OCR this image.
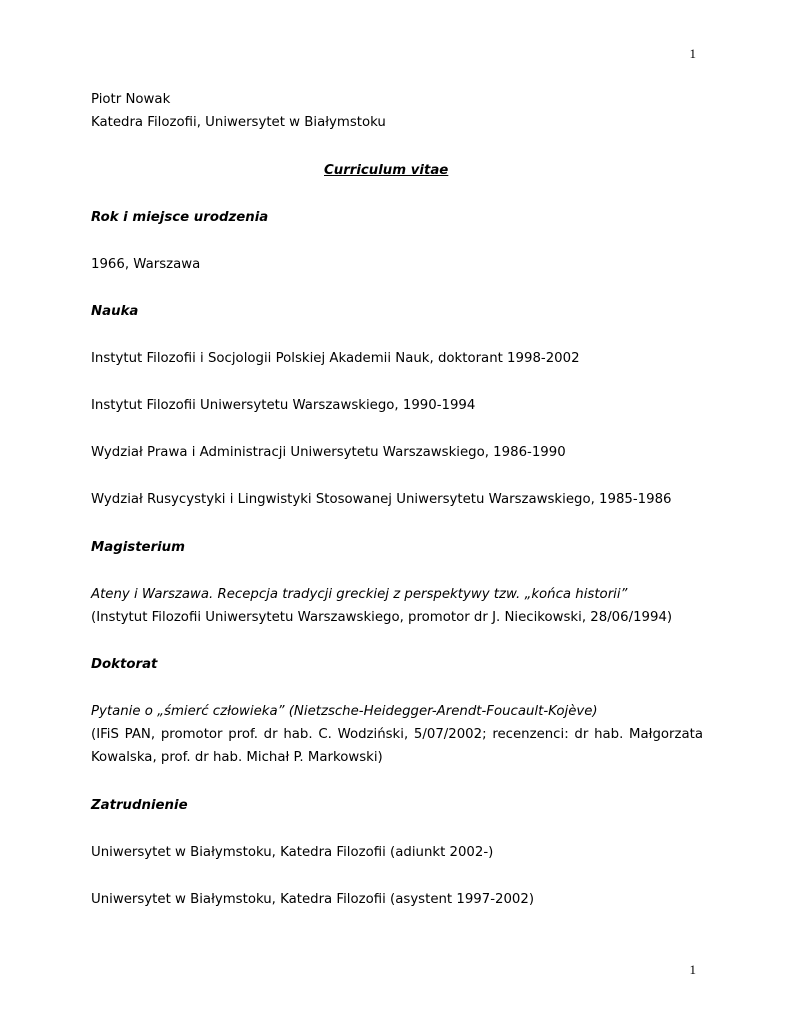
1
Piotr Nowak
Katedra Filozofii, Uniwersytet w Białymstoku
Curriculum vitae
Rok i miejsce urodzenia
1966, Warszawa
Nauka
Instytut Filozofii i Socjologii Polskiej Akademii Nauk, doktorant 1998-2002
Instytut Filozofii Uniwersytetu Warszawskiego, 1990-1994
Wydział Prawa i Administracji Uniwersytetu Warszawskiego, 1986-1990
Wydział Rusycystyki i Lingwistyki Stosowanej Uniwersytetu Warszawskiego, 1985-1986
Magisterium
Ateny i Warszawa. Recepcja tradycji greckiej z perspektywy tzw. „końca historii”
(Instytut Filozofii Uniwersytetu Warszawskiego, promotor dr J. Niecikowski, 28/06/1994)
Doktorat
Pytanie o „śmierć człowieka” (Nietzsche-Heidegger-Arendt-Foucault-Kojève)
(IFiS PAN, promotor prof. dr hab. C. Wodziński, 5/07/2002; recenzenci: dr hab. Małgorzata Kowalska, prof. dr hab. Michał P. Markowski)
Zatrudnienie
Uniwersytet w Białymstoku, Katedra Filozofii (adiunkt 2002-)
Uniwersytet w Białymstoku, Katedra Filozofii (asystent 1997-2002)
1
